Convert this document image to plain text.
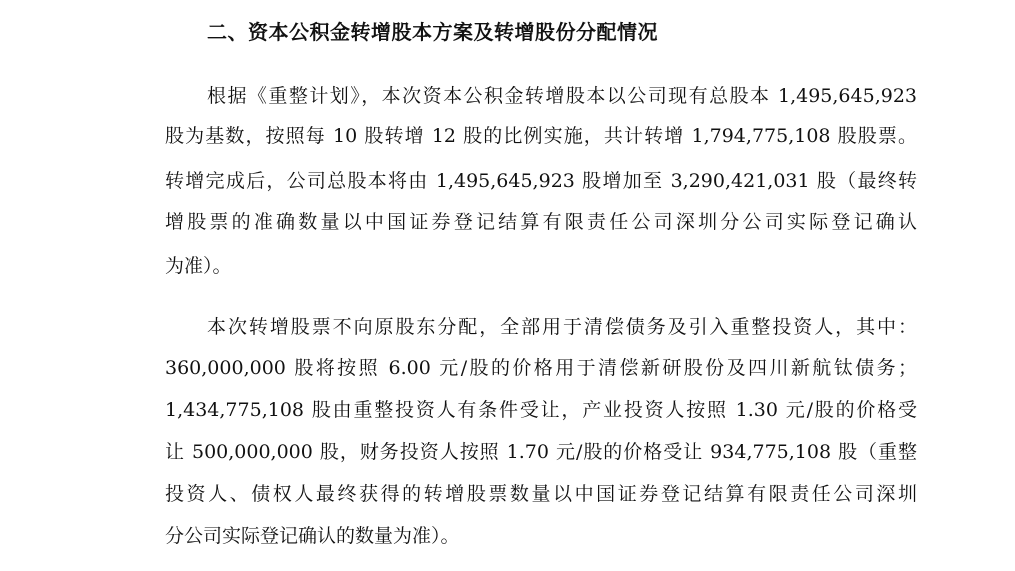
二、资本公积金转增股本方案及转增股份分配情况
根据《重整计划》，本次资本公积金转增股本以公司现有总股本 1,495,645,923
股为基数，按照每 10 股转增 12 股的比例实施，共计转增 1,794,775,108 股股票。
转增完成后，公司总股本将由 1,495,645,923 股增加至 3,290,421,031 股（最终转
增股票的准确数量以中国证券登记结算有限责任公司深圳分公司实际登记确认
为准）。
本次转增股票不向原股东分配，全部用于清偿债务及引入重整投资人，其中：
360,000,000 股将按照 6.00 元/股的价格用于清偿新研股份及四川新航钛债务；
1,434,775,108 股由重整投资人有条件受让，产业投资人按照 1.30 元/股的价格受
让 500,000,000 股，财务投资人按照 1.70 元/股的价格受让 934,775,108 股（重整
投资人、债权人最终获得的转增股票数量以中国证券登记结算有限责任公司深圳
分公司实际登记确认的数量为准）。
